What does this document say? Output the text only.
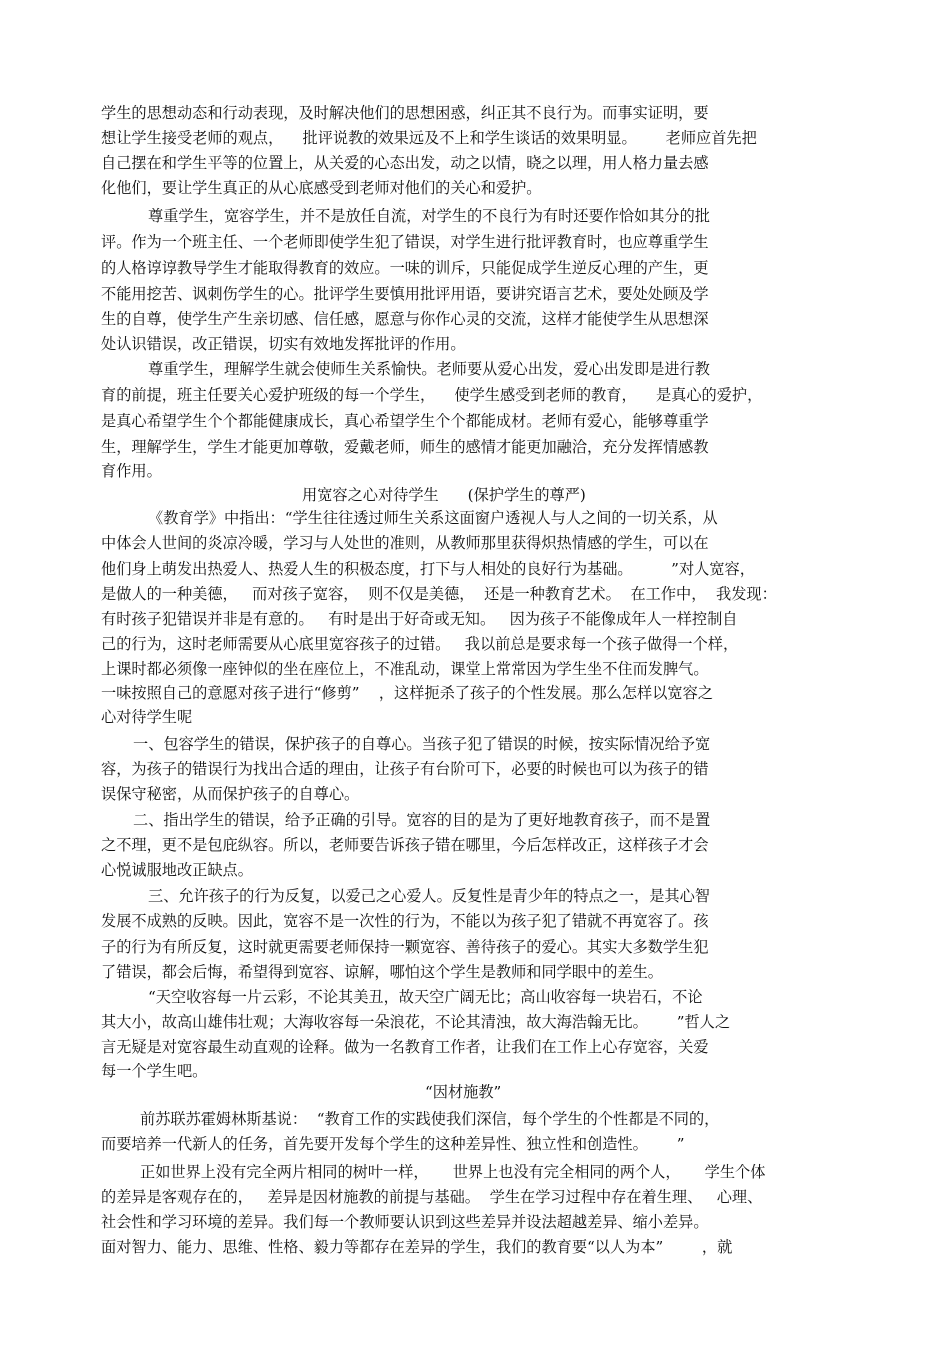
学生的思想动态和行动表现，及时解决他们的思想困惑，纠正其不良行为。而事实证明，要
想让学生接受老师的观点，    批评说教的效果远及不上和学生谈话的效果明显。      老师应首先把
自己摆在和学生平等的位置上，从关爱的心态出发，动之以情，晓之以理，用人格力量去感
化他们，要让学生真正的从心底感受到老师对他们的关心和爱护。
尊重学生，宽容学生，并不是放任自流，对学生的不良行为有时还要作恰如其分的批
评。作为一个班主任、一个老师即使学生犯了错误，对学生进行批评教育时，也应尊重学生
的人格谆谆教导学生才能取得教育的效应。一味的训斥，只能促成学生逆反心理的产生，更
不能用挖苦、讽刺伤学生的心。批评学生要慎用批评用语，要讲究语言艺术，要处处顾及学
生的自尊，使学生产生亲切感、信任感，愿意与你作心灵的交流，这样才能使学生从思想深
处认识错误，改正错误，切实有效地发挥批评的作用。
尊重学生，理解学生就会使师生关系愉快。老师要从爱心出发，爱心出发即是进行教
育的前提，班主任要关心爱护班级的每一个学生，    使学生感受到老师的教育，    是真心的爱护，
是真心希望学生个个都能健康成长，真心希望学生个个都能成材。老师有爱心，能够尊重学
生，理解学生，学生才能更加尊敬，爱戴老师，师生的感情才能更加融洽，充分发挥情感教
育作用。
用宽容之心对待学生      (保护学生的尊严)
《教育学》中指出：“学生往往透过师生关系这面窗户透视人与人之间的一切关系，从
中体会人世间的炎凉冷暖，学习与人处世的准则，从教师那里获得炽热情感的学生，可以在
他们身上萌发出热爱人、热爱人生的积极态度，打下与人相处的良好行为基础。        ”对人宽容，
是做人的一种美德，   而对孩子宽容，  则不仅是美德，  还是一种教育艺术。  在工作中，  我发现：
有时孩子犯错误并非是有意的。   有时是出于好奇或无知。   因为孩子不能像成年人一样控制自
己的行为，这时老师需要从心底里宽容孩子的过错。   我以前总是要求每一个孩子做得一个样，
上课时都必须像一座钟似的坐在座位上，不准乱动，课堂上常常因为学生坐不住而发脾气。
一味按照自己的意愿对孩子进行“修剪”    ，这样扼杀了孩子的个性发展。那么怎样以宽容之
心对待学生呢
一、包容学生的错误，保护孩子的自尊心。当孩子犯了错误的时候，按实际情况给予宽
容，为孩子的错误行为找出合适的理由，让孩子有台阶可下，必要的时候也可以为孩子的错
误保守秘密，从而保护孩子的自尊心。
二、指出学生的错误，给予正确的引导。宽容的目的是为了更好地教育孩子，而不是置
之不理，更不是包庇纵容。所以，老师要告诉孩子错在哪里，今后怎样改正，这样孩子才会
心悦诚服地改正缺点。
三、允许孩子的行为反复，以爱己之心爱人。反复性是青少年的特点之一，是其心智
发展不成熟的反映。因此，宽容不是一次性的行为，不能以为孩子犯了错就不再宽容了。孩
子的行为有所反复，这时就更需要老师保持一颗宽容、善待孩子的爱心。其实大多数学生犯
了错误，都会后悔，希望得到宽容、谅解，哪怕这个学生是教师和同学眼中的差生。
“天空收容每一片云彩，不论其美丑，故天空广阔无比；高山收容每一块岩石，不论
其大小，故高山雄伟壮观；大海收容每一朵浪花，不论其清浊，故大海浩翰无比。      ”哲人之
言无疑是对宽容最生动直观的诠释。做为一名教育工作者，让我们在工作上心存宽容，关爱
每一个学生吧。
“因材施教”
前苏联苏霍姆林斯基说：  “教育工作的实践使我们深信，每个学生的个性都是不同的，
而要培养一代新人的任务，首先要开发每个学生的这种差异性、独立性和创造性。      ”
正如世界上没有完全两片相同的树叶一样，     世界上也没有完全相同的两个人，     学生个体
的差异是客观存在的，   差异是因材施教的前提与基础。  学生在学习过程中存在着生理、   心理、
社会性和学习环境的差异。我们每一个教师要认识到这些差异并设法超越差异、缩小差异。
面对智力、能力、思维、性格、毅力等都存在差异的学生，我们的教育要“以人为本”        ，就
